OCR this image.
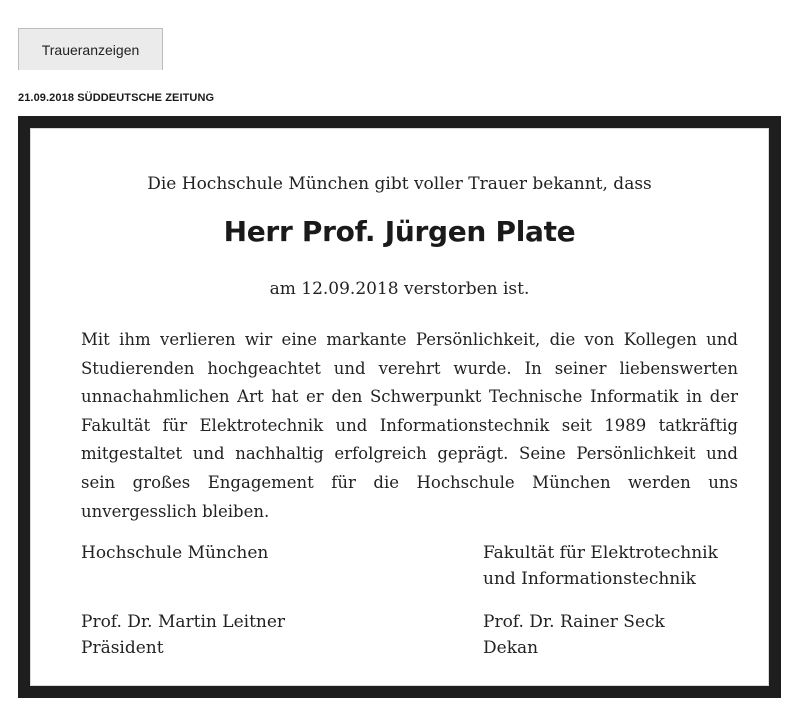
Traueranzeigen
21.09.2018 SÜDDEUTSCHE ZEITUNG
Die Hochschule München gibt voller Trauer bekannt, dass
Herr Prof. Jürgen Plate
am 12.09.2018 verstorben ist.
Mit ihm verlieren wir eine markante Persönlichkeit, die von Kollegen und Studierenden hochgeachtet und verehrt wurde. In seiner liebenswerten unnachahmlichen Art hat er den Schwerpunkt Technische Informatik in der Fakultät für Elektrotechnik und Informationstechnik seit 1989 tatkräftig mitgestaltet und nachhaltig erfolgreich geprägt. Seine Persönlichkeit und sein großes Engagement für die Hochschule München werden uns unvergesslich bleiben.
Hochschule München	Fakultät für Elektrotechnik
und Informationstechnik
Prof. Dr. Martin Leitner
Präsident
Prof. Dr. Rainer Seck
Dekan
